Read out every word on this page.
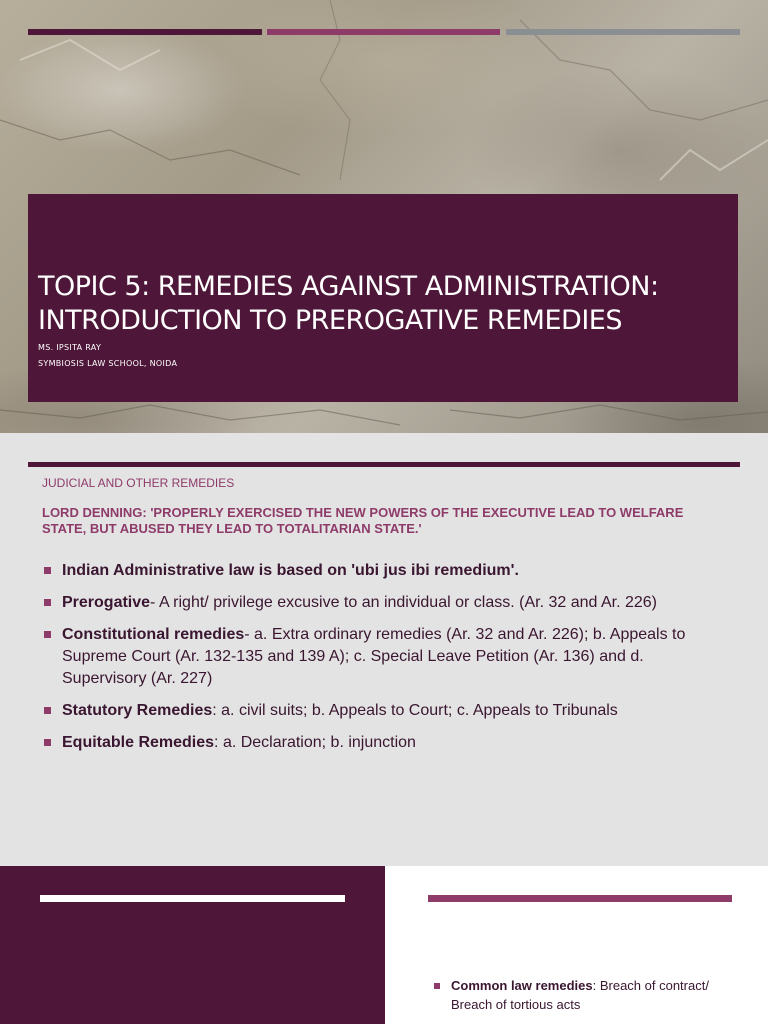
TOPIC 5: REMEDIES AGAINST ADMINISTRATION:
INTRODUCTION TO PREROGATIVE REMEDIES
MS. IPSITA RAY
SYMBIOSIS LAW SCHOOL, NOIDA
JUDICIAL AND OTHER REMEDIES
LORD DENNING: 'PROPERLY EXERCISED THE NEW POWERS OF THE EXECUTIVE LEAD TO WELFARE STATE, BUT ABUSED THEY LEAD TO TOTALITARIAN STATE.'
Indian Administrative law is based on 'ubi jus ibi remedium'.
Prerogative- A right/ privilege excusive to an individual or class. (Ar. 32 and Ar. 226)
Constitutional remedies- a. Extra ordinary remedies (Ar. 32 and Ar. 226); b. Appeals to Supreme Court (Ar. 132-135 and 139 A); c. Special Leave Petition (Ar. 136) and d. Supervisory (Ar. 227)
Statutory Remedies: a. civil suits; b. Appeals to Court; c. Appeals to Tribunals
Equitable Remedies: a. Declaration; b. injunction
Common law remedies: Breach of contract/ Breach of tortious acts
